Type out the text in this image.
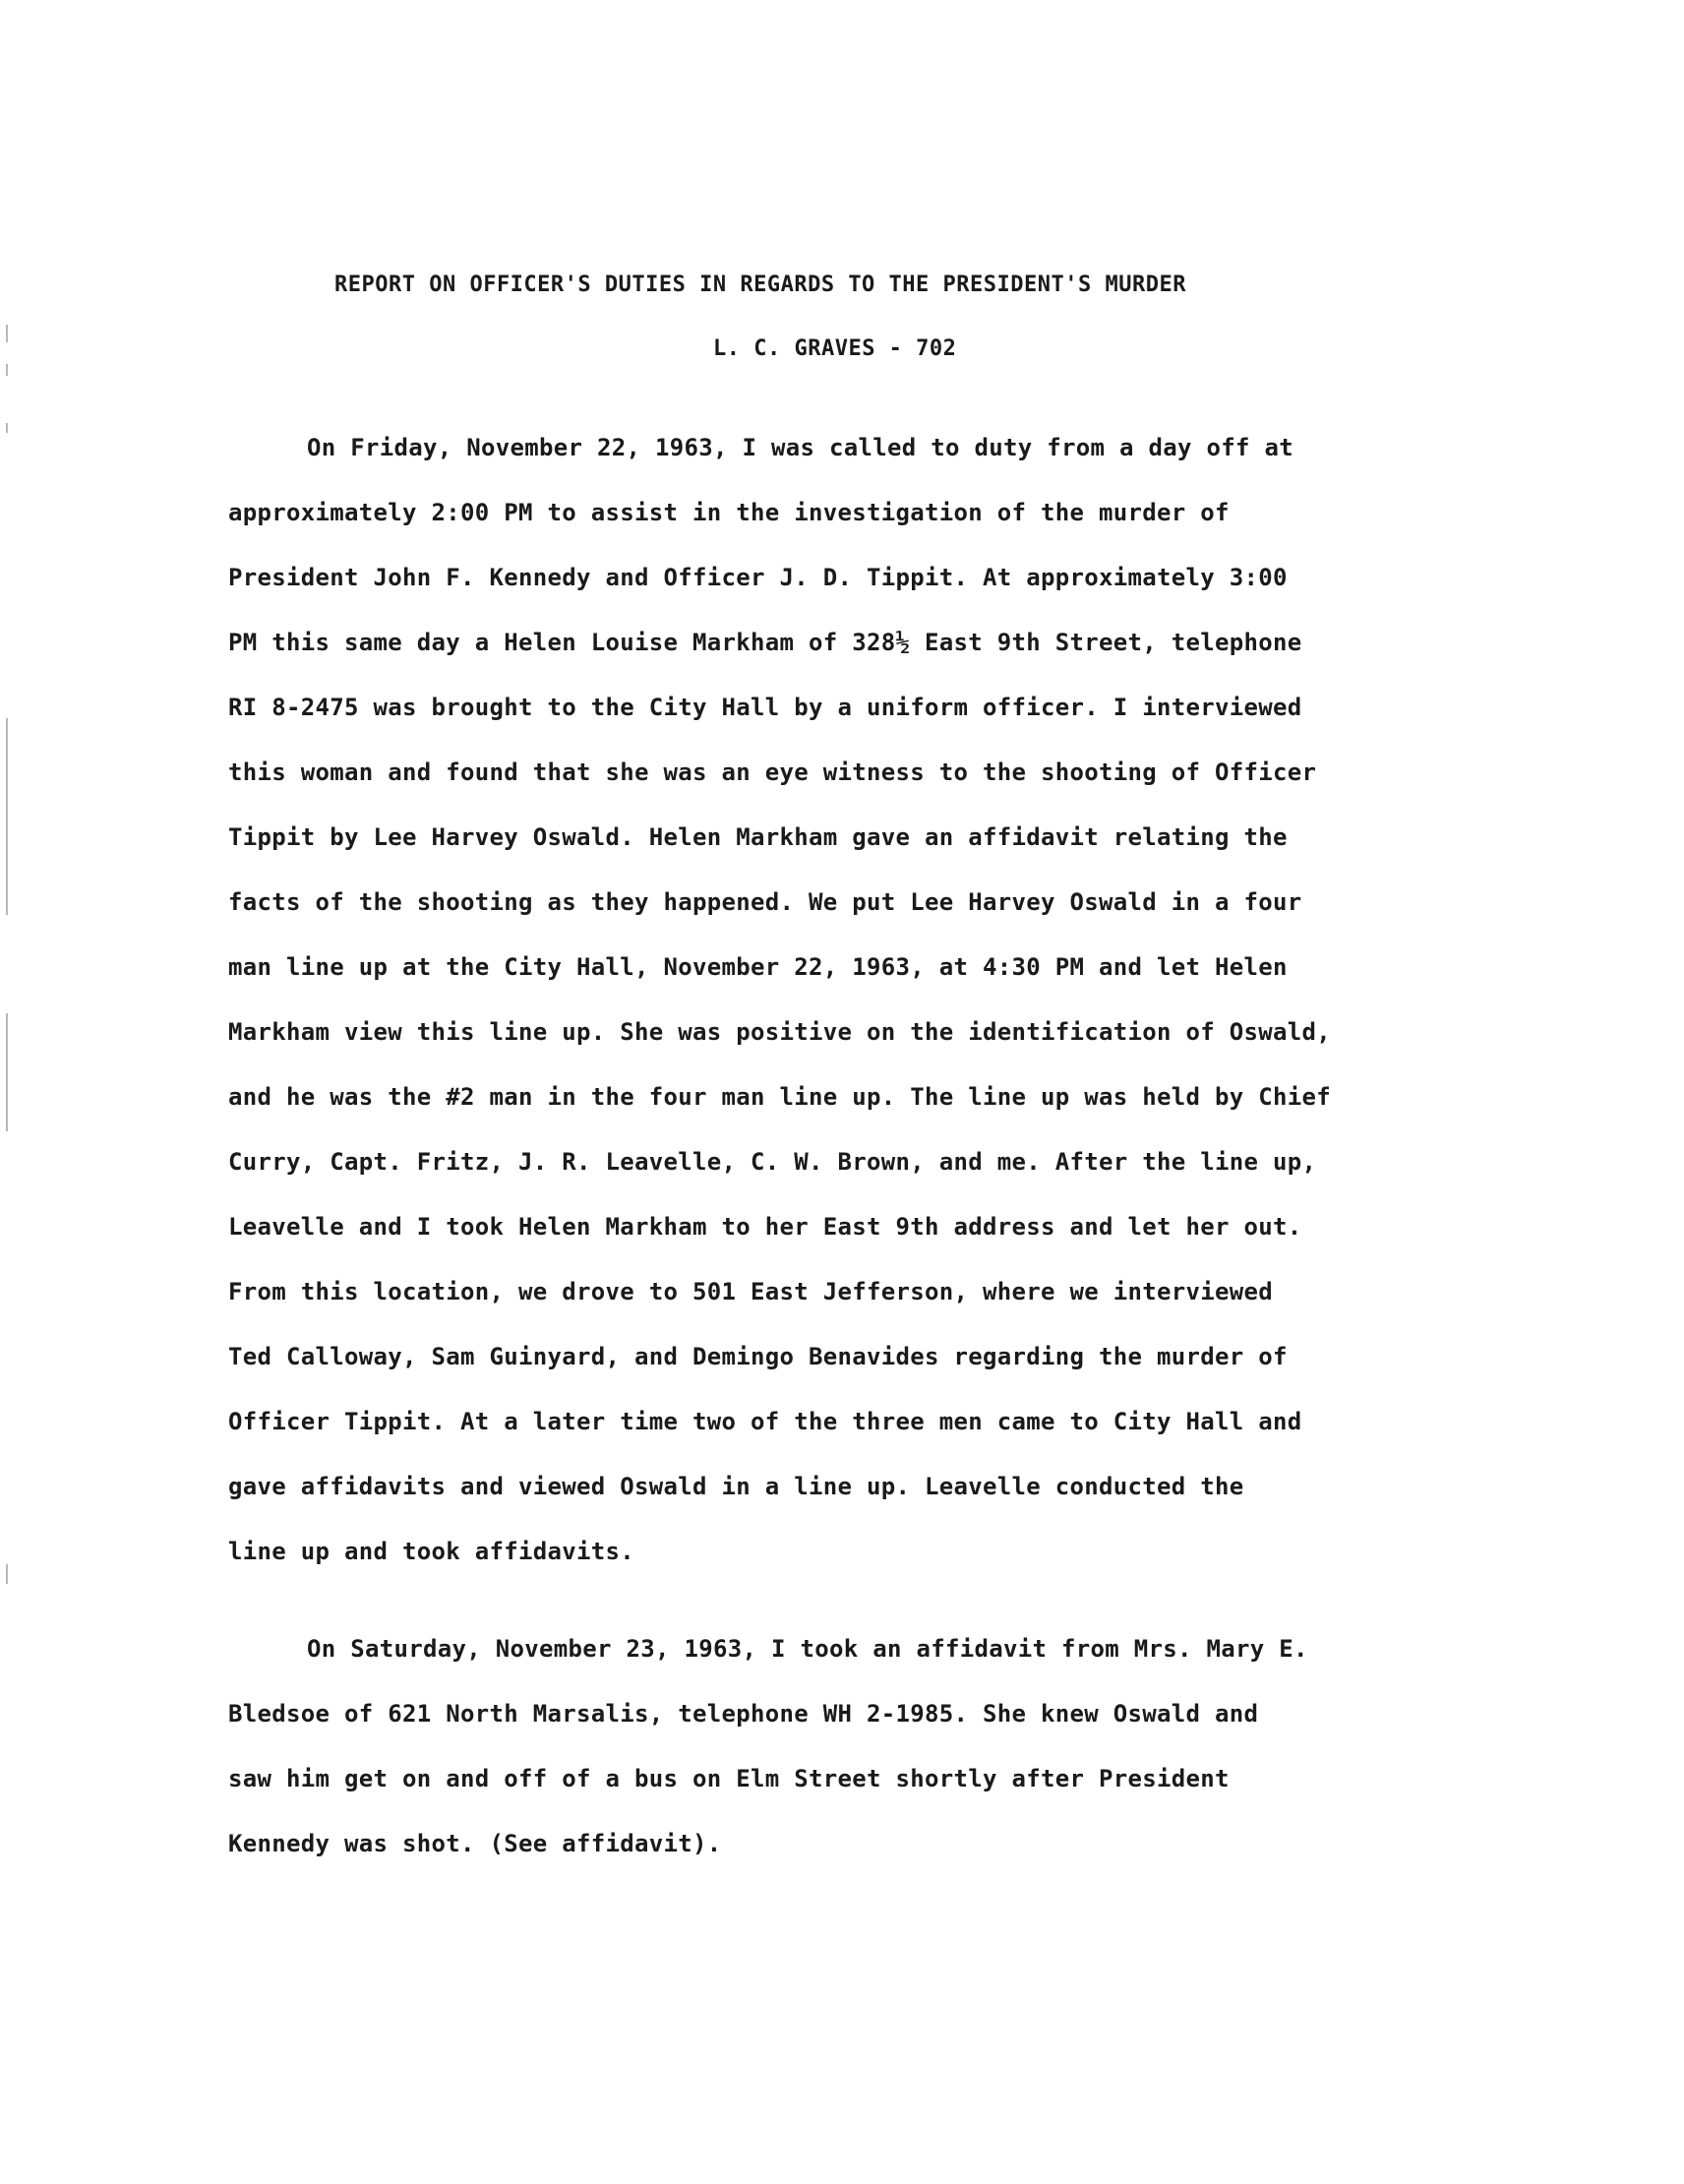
REPORT ON OFFICER'S DUTIES IN REGARDS TO THE PRESIDENT'S MURDER
L. C. GRAVES - 702
On Friday, November 22, 1963, I was called to duty from a day off at
approximately 2:00 PM to assist in the investigation of the murder of
President John F. Kennedy and Officer J. D. Tippit. At approximately 3:00
PM this same day a Helen Louise Markham of 328½ East 9th Street, telephone
RI 8-2475 was brought to the City Hall by a uniform officer. I interviewed
this woman and found that she was an eye witness to the shooting of Officer
Tippit by Lee Harvey Oswald. Helen Markham gave an affidavit relating the
facts of the shooting as they happened. We put Lee Harvey Oswald in a four
man line up at the City Hall, November 22, 1963, at 4:30 PM and let Helen
Markham view this line up. She was positive on the identification of Oswald,
and he was the #2 man in the four man line up. The line up was held by Chief
Curry, Capt. Fritz, J. R. Leavelle, C. W. Brown, and me. After the line up,
Leavelle and I took Helen Markham to her East 9th address and let her out.
From this location, we drove to 501 East Jefferson, where we interviewed
Ted Calloway, Sam Guinyard, and Demingo Benavides regarding the murder of
Officer Tippit. At a later time two of the three men came to City Hall and
gave affidavits and viewed Oswald in a line up. Leavelle conducted the
line up and took affidavits.
On Saturday, November 23, 1963, I took an affidavit from Mrs. Mary E.
Bledsoe of 621 North Marsalis, telephone WH 2-1985. She knew Oswald and
saw him get on and off of a bus on Elm Street shortly after President
Kennedy was shot. (See affidavit).
